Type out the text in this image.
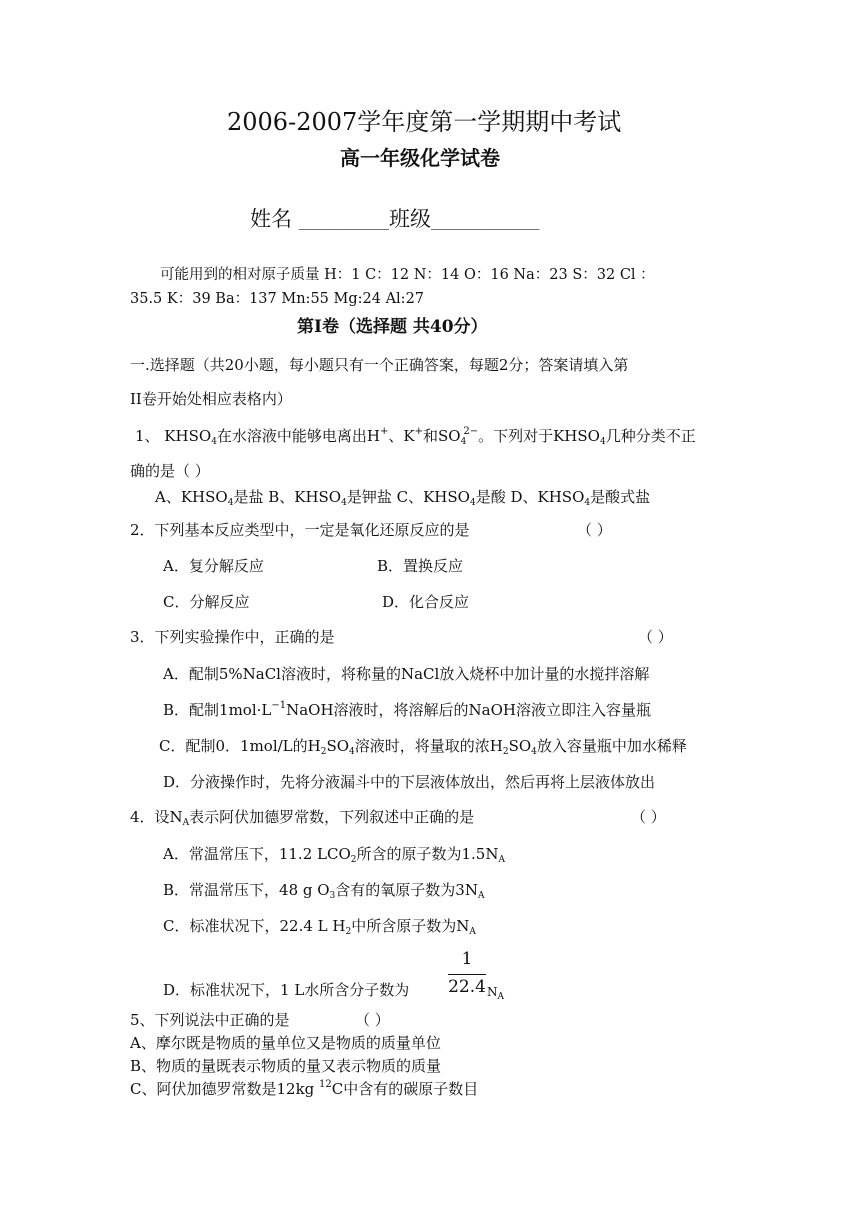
2006-2007学年度第一学期期中考试
高一年级化学试卷
姓名 __________班级____________
可能用到的相对原子质量 H：1 C：12 N：14 O：16 Na：23 S：32 Cl ：
35.5 K：39 Ba：137 Mn:55 Mg:24 Al:27
第Ⅰ卷（选择题 共40分）
一.选择题（共20小题，每小题只有一个正确答案，每题2分；答案请填入第
II卷开始处相应表格内）
1、 $KHSO_4$在水溶液中能够电离出H+、K+和$SO_4^{2-}$。下列对于$KHSO_4$几种分类不正
确的是（ ）
A、$KHSO_4$是盐 B、$KHSO_4$是钾盐 C、$KHSO_4$是酸 D、$KHSO_4$是酸式盐
2．下列基本反应类型中，一定是氧化还原反应的是	（ ）
A．复分解反应	B．置换反应
C．分解反应	D．化合反应
3．下列实验操作中，正确的是	（ ）
A．配制5%NaCl溶液时，将称量的NaCl放入烧杯中加计量的水搅拌溶解
B．配制$1mol\cdot L^{-1}NaOH$溶液时，将溶解后的NaOH溶液立即注入容量瓶
C．配制0．1mol/L的$H_2SO_4$溶液时，将量取的浓$H_2SO_4$放入容量瓶中加水稀释
D．分液操作时，先将分液漏斗中的下层液体放出，然后再将上层液体放出
4．设$N_A$表示阿伏加德罗常数，下列叙述中正确的是	（ ）
A．常温常压下，11.2 $LCO_2$所含的原子数为$1.5N_A$
B．常温常压下，48 g $O_3$含有的氧原子数为$3N_A$
C．标准状况下，22.4 L $H_2$中所含原子数为$N_A$
D．标准状况下，1 L水所含分子数为
1
22.4 $N_A$
5、下列说法中正确的是	（ ）
A、摩尔既是物质的量单位又是物质的质量单位
B、物质的量既表示物质的量又表示物质的质量
C、阿伏加德罗常数是12kg $^{12}$C中含有的碳原子数目
